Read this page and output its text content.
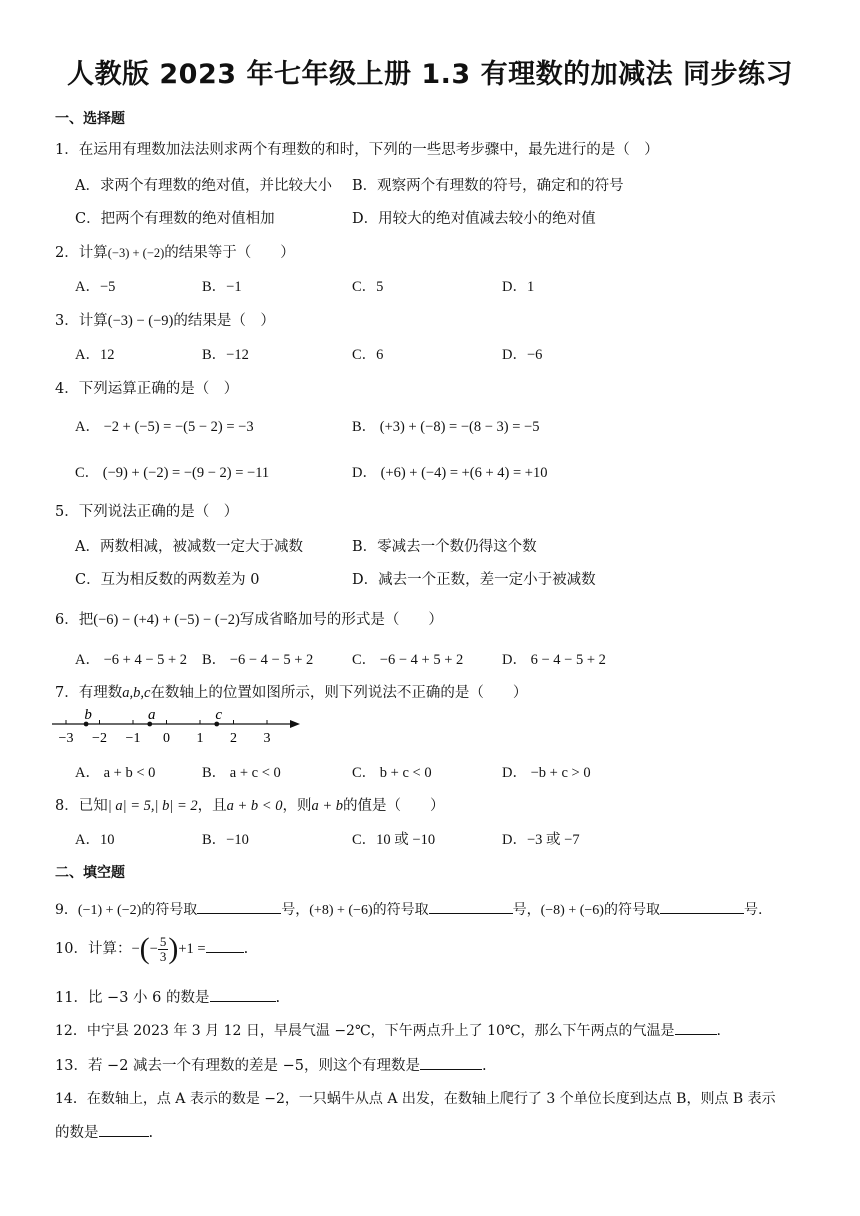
人教版 2023 年七年级上册 1.3 有理数的加减法 同步练习
一、选择题
1．在运用有理数加法法则求两个有理数的和时，下列的一些思考步骤中，最先进行的是（　）
A．求两个有理数的绝对值，并比较大小 B．观察两个有理数的符号，确定和的符号
C．把两个有理数的绝对值相加	D．用较大的绝对值减去较小的绝对值
2．计算(−3) + (−2)的结果等于（　　）
A．−5	B．−1	C．5	D．1
3．计算(−3) − (−9)的结果是（　）
A．12	B．−12	C．6	D．−6
4．下列运算正确的是（　）
A． −2 + (−5) = −(5 − 2) = −3	B． (+3) + (−8) = −(8 − 3) = −5
C． (−9) + (−2) = −(9 − 2) = −11	D． (+6) + (−4) = +(6 + 4) = +10
5．下列说法正确的是（　）
A．两数相减，被减数一定大于减数	B．零减去一个数仍得这个数
C．互为相反数的两数差为 0	D．减去一个正数，差一定小于被减数
6．把(−6) − (+4) + (−5) − (−2)写成省略加号的形式是（　　）
A． −6 + 4 − 5 + 2 B． −6 − 4 − 5 + 2	C． −6 − 4 + 5 + 2	D． 6 − 4 − 5 + 2
7．有理数a,b,c在数轴上的位置如图所示，则下列说法不正确的是（　　）
−3 −2 −1 0 1 2 3
b	a	c
A． a + b < 0	B． a + c < 0	C． b + c < 0	D． −b + c > 0
8．已知| a| = 5,| b| = 2，且a + b < 0，则a + b的值是（　　）
A．10	B．−10	C．10 或 −10	D．−3 或 −7
二、填空题
9．(−1) + (−2)的符号取	号，(+8) + (−6)的符号取	号，(−8) + (−6)的符号取	号.
10．计算：−(− $\frac{5}{3} )+1$ =	.
11．比 −3 小 6 的数是	.
12．中宁县 2023 年 3 月 12 日，早晨气温 −2℃，下午两点升上了 10℃，那么下午两点的气温是	.
13．若 −2 减去一个有理数的差是 −5，则这个有理数是	.
14．在数轴上，点 A 表示的数是 −2，一只蜗牛从点 A 出发，在数轴上爬行了 3 个单位长度到达点 B，则点 B 表示
的数是	.
